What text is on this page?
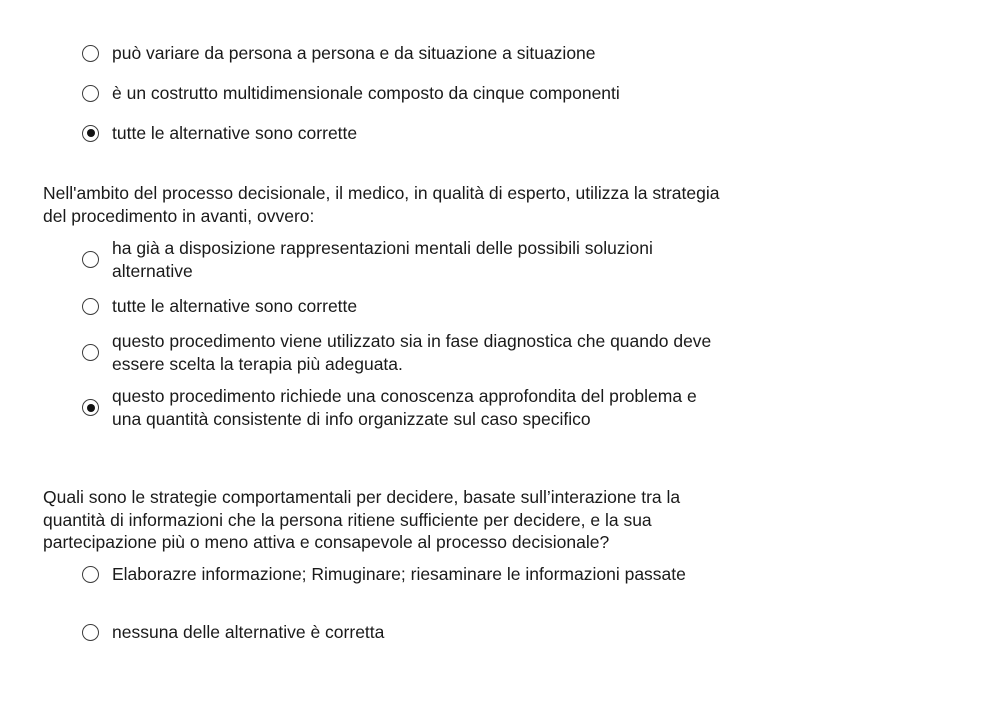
può variare da persona a persona e da situazione a situazione
è un costrutto multidimensionale composto da cinque componenti
tutte le alternative sono corrette
Nell'ambito del processo decisionale, il medico, in qualità di esperto, utilizza la strategia del procedimento in avanti, ovvero:
ha già a disposizione rappresentazioni mentali delle possibili soluzioni alternative
tutte le alternative sono corrette
questo procedimento viene utilizzato sia in fase diagnostica che quando deve essere scelta la terapia più adeguata.
questo procedimento richiede una conoscenza approfondita del problema e una quantità consistente di info organizzate sul caso specifico
Quali sono le strategie comportamentali per decidere, basate sull’interazione tra la quantità di informazioni che la persona ritiene sufficiente per decidere, e la sua partecipazione più o meno attiva e consapevole al processo decisionale?
Elaborazre informazione; Rimuginare; riesaminare le informazioni passate
nessuna delle alternative è corretta
